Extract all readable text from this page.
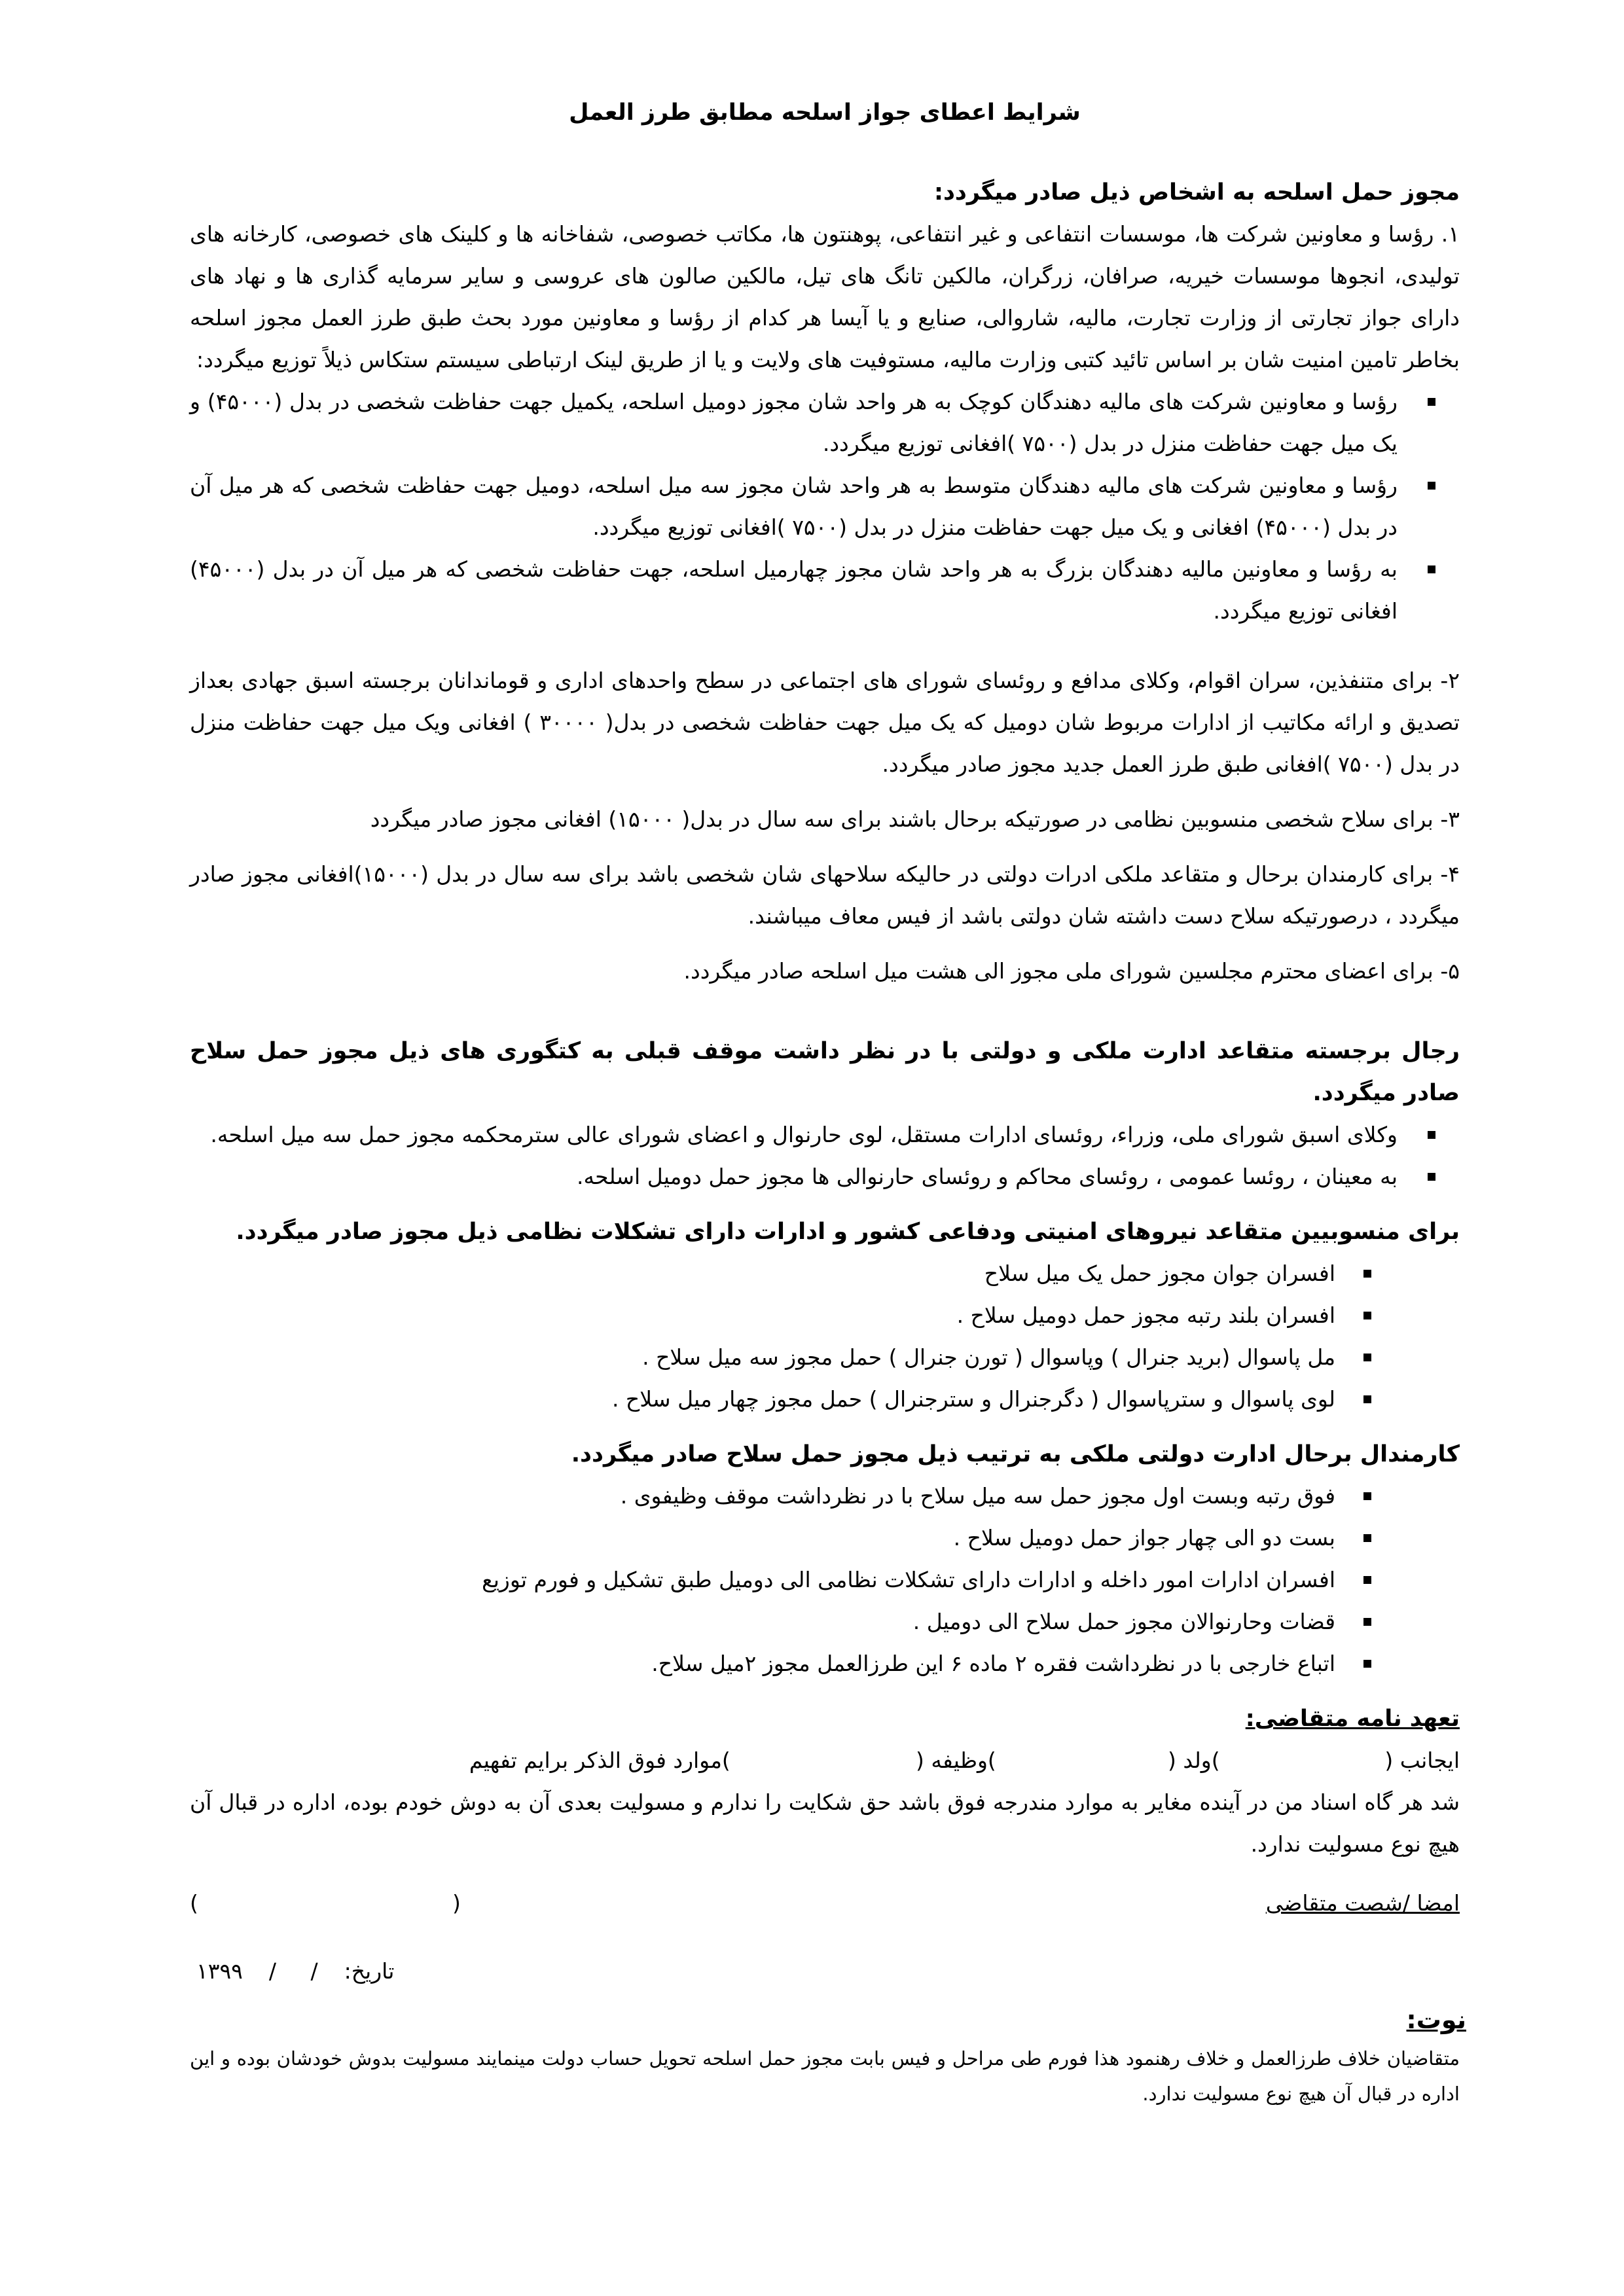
شرایط اعطای جواز اسلحه مطابق طرز العمل

مجوز حمل اسلحه به اشخاص ذیل صادر میگردد:

۱. رؤسا و معاونین شرکت ها، موسسات انتفاعی و غیر انتفاعی، پوهنتون ها، مکاتب خصوصی، شفاخانه ها و کلینک های خصوصی، کارخانه های تولیدی، انجوها موسسات خیریه، صرافان، زرگران، مالکین تانگ های تیل، مالکین صالون های عروسی و سایر سرمایه گذاری ها و نهاد های دارای جواز تجارتی از وزارت تجارت، مالیه، شاروالی، صنایع و یا آیسا هر کدام از رؤسا و معاونین مورد بحث طبق طرز العمل مجوز اسلحه بخاطر تامین امنیت شان بر اساس تائید کتبی وزارت مالیه، مستوفیت های ولایت و یا از طریق لینک ارتباطی سیستم ستکاس ذیلاً توزیع میگردد:

رؤسا و معاونین شرکت های مالیه دهندگان کوچک به هر واحد شان مجوز دومیل اسلحه، یکمیل جهت حفاظت شخصی در بدل (۴۵۰۰۰) و یک میل جهت حفاظت منزل در بدل (۷۵۰۰ )افغانی توزیع میگردد.
رؤسا و معاونین شرکت های مالیه دهندگان متوسط به هر واحد شان مجوز سه میل اسلحه، دومیل جهت حفاظت شخصی که هر میل آن در بدل (۴۵۰۰۰) افغانی و یک میل جهت حفاظت منزل در بدل (۷۵۰۰ )افغانی توزیع میگردد.
به رؤسا و معاونین مالیه دهندگان بزرگ به هر واحد شان مجوز چهارمیل اسلحه، جهت حفاظت شخصی که هر میل آن در بدل (۴۵۰۰۰) افغانی توزیع میگردد.

۲- برای متنفذین، سران اقوام، وکلای مدافع و روئسای شورای های اجتماعی در سطح واحدهای اداری و قوماندانان برجسته اسبق جهادی بعداز تصدیق و ارائه مکاتیب از ادارات مربوط شان دومیل که یک میل جهت حفاظت شخصی در بدل( ۳۰۰۰۰ ) افغانی ویک میل جهت حفاظت منزل در بدل (۷۵۰۰ )افغانی طبق طرز العمل جدید مجوز صادر میگردد.

۳- برای سلاح شخصی منسوبین نظامی در صورتیکه برحال باشند برای سه سال در بدل( ۱۵۰۰۰) افغانی مجوز صادر میگردد

۴- برای کارمندان برحال و متقاعد ملکی ادرات دولتی در حالیکه سلاحهای شان شخصی باشد برای سه سال در بدل (۱۵۰۰۰)افغانی مجوز صادر میگردد ، درصورتیکه سلاح دست داشته شان دولتی باشد از فیس معاف میباشند.

۵- برای اعضای محترم مجلسین شورای ملی مجوز الی هشت میل اسلحه صادر میگردد.

رجال برجسته متقاعد ادارت ملکی و دولتی با در نظر داشت موقف قبلی به کتگوری های ذیل مجوز حمل سلاح صادر میگردد.

وکلای اسبق شورای ملی، وزراء، روئسای ادارات مستقل، لوی حارنوال و اعضای شورای عالی سترمحکمه مجوز حمل سه میل اسلحه.
به معینان ، روئسا عمومی ، روئسای محاکم و روئسای حارنوالی ها مجوز حمل دومیل اسلحه.

برای منسوبیین متقاعد نیروهای امنیتی ودفاعی کشور و ادارات دارای تشکلات نظامی ذیل مجوز صادر میگردد.

افسران جوان مجوز حمل یک میل سلاح
افسران بلند رتبه مجوز حمل دومیل سلاح .
مل پاسوال (برید جنرال ) وپاسوال ( تورن جنرال ) حمل مجوز سه میل سلاح .
لوی پاسوال و سترپاسوال ( دگرجنرال و سترجنرال ) حمل مجوز چهار میل سلاح .

کارمندال برحال ادارت دولتی ملکی به ترتیب ذیل مجوز حمل سلاح صادر میگردد.

فوق رتبه وبست اول مجوز حمل سه میل سلاح با در نظرداشت موقف وظیفوی .
بست دو الی چهار جواز حمل دومیل سلاح .
افسران ادارات امور داخله و ادارات دارای تشکلات نظامی الی دومیل طبق تشکیل و فورم توزیع
قضات وحارنوالان مجوز حمل سلاح الی دومیل .
اتباع خارجی با در نظرداشت فقره ۲ ماده ۶ این طرزالعمل مجوز ۲میل سلاح.

تعهد نامه متقاضی:

ایجانب (                        )ولد (                         )وظیفه (                           )موارد فوق الذکر برایم تفهیم

شد هر گاه اسناد من در آینده مغایر به موارد مندرجه فوق باشد حق شکایت را ندارم و مسولیت بعدی آن به دوش خودم بوده، اداره در قبال آن هیچ نوع مسولیت ندارد.

امضا /شصت متقاضی
(                                     )
تاریخ:/     /۱۳۹۹

نوت:

متقاضیان خلاف طرزالعمل و خلاف رهنمود هذا فورم طی مراحل و فیس بابت مجوز حمل اسلحه تحویل حساب دولت مینمایند مسولیت بدوش خودشان بوده و این اداره در قبال آن هیچ نوع مسولیت ندارد.
